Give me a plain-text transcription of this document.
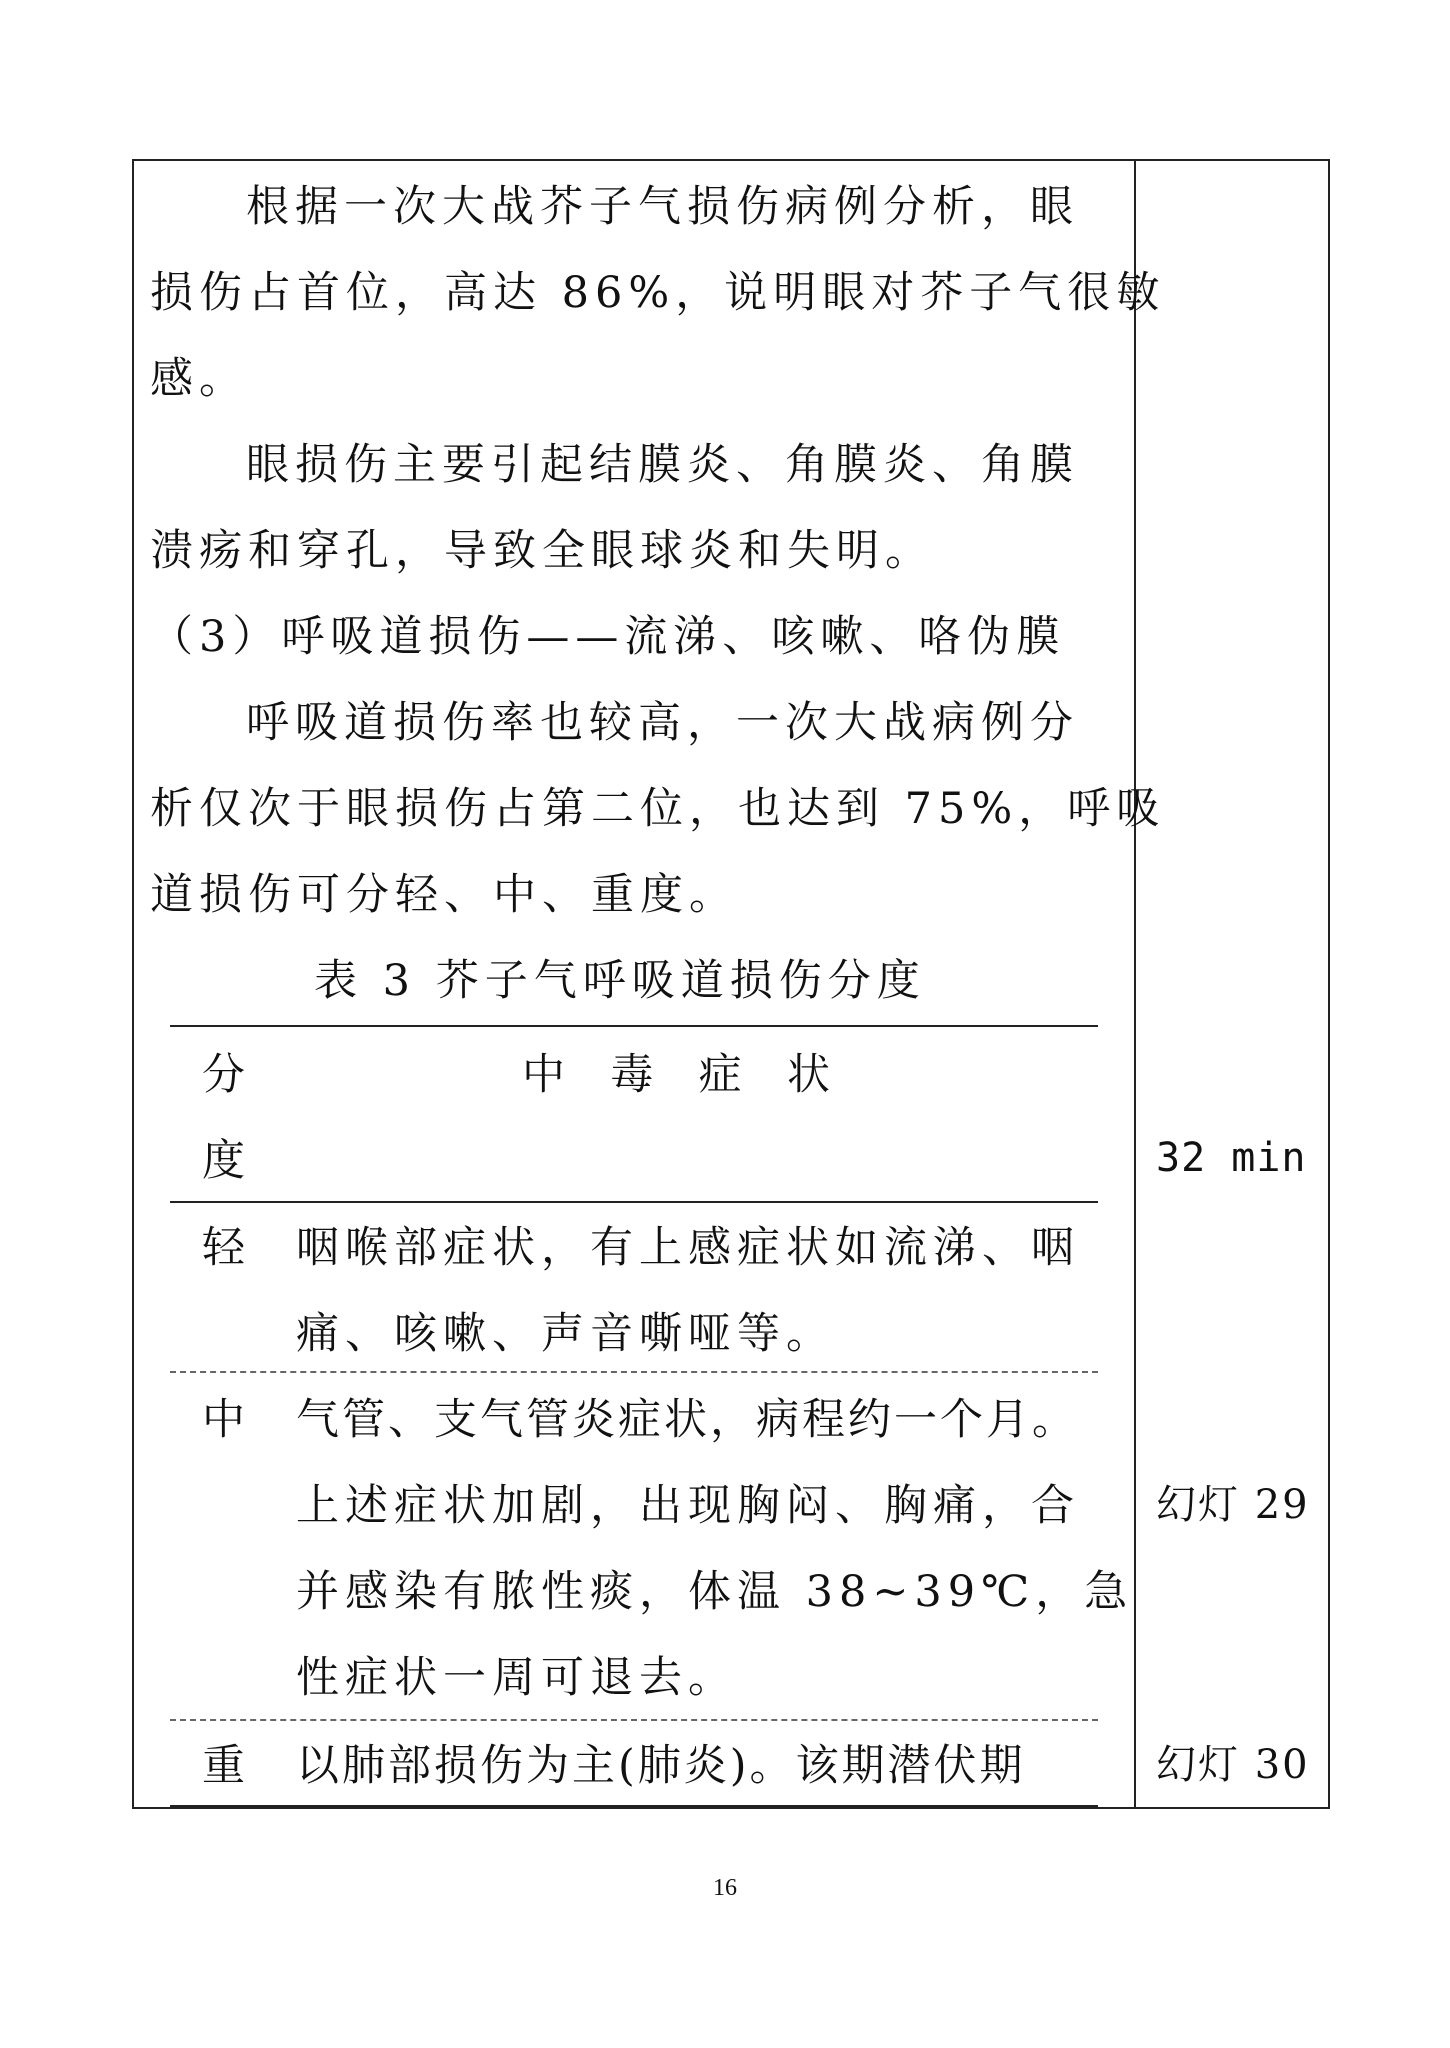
根据一次大战芥子气损伤病例分析，眼
损伤占首位，高达 86%，说明眼对芥子气很敏
感。
眼损伤主要引起结膜炎、角膜炎、角膜
溃疡和穿孔，导致全眼球炎和失明。
（3）呼吸道损伤——流涕、咳嗽、咯伪膜
呼吸道损伤率也较高，一次大战病例分
析仅次于眼损伤占第二位，也达到 75%，呼吸
道损伤可分轻、中、重度。
表 3 芥子气呼吸道损伤分度
分
度
中  毒  症  状
轻 咽喉部症状，有上感症状如流涕、咽
痛、咳嗽、声音嘶哑等。
中 气管、支气管炎症状，病程约一个月。
上述症状加剧，出现胸闷、胸痛，合
并感染有脓性痰，体温 38~39℃，急
性症状一周可退去。
重 以肺部损伤为主(肺炎)。该期潜伏期
32 min
幻灯 29
幻灯 30
16
